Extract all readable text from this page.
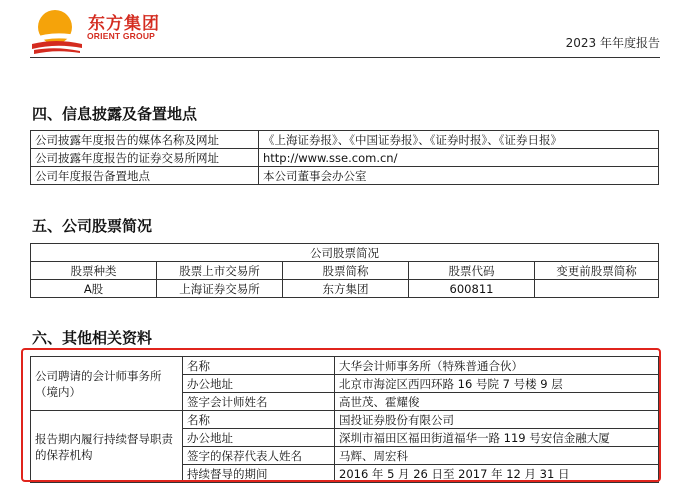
东方集团
ORIENT GROUP	2023 年年度报告
四、信息披露及备置地点
公司披露年度报告的媒体名称及网址	《上海证券报》、《中国证券报》、《证券时报》、《证券日报》
公司披露年度报告的证券交易所网址	http://www.sse.com.cn/
公司年度报告备置地点	本公司董事会办公室
五、公司股票简况
公司股票简况				
股票种类	股票上市交易所	股票简称	股票代码	变更前股票简称
A股	上海证券交易所	东方集团	600811	
六、其他相关资料
公司聘请的会计师事务所（境内）	名称	大华会计师事务所（特殊普通合伙）
	办公地址	北京市海淀区西四环路 16 号院 7 号楼 9 层
	签字会计师姓名	高世茂、霍耀俊
报告期内履行持续督导职责的保荐机构	名称	国投证券股份有限公司
	办公地址	深圳市福田区福田街道福华一路 119 号安信金融大厦
	签字的保荐代表人姓名	马辉、周宏科
	持续督导的期间	2016 年 5 月 26 日至 2017 年 12 月 31 日
